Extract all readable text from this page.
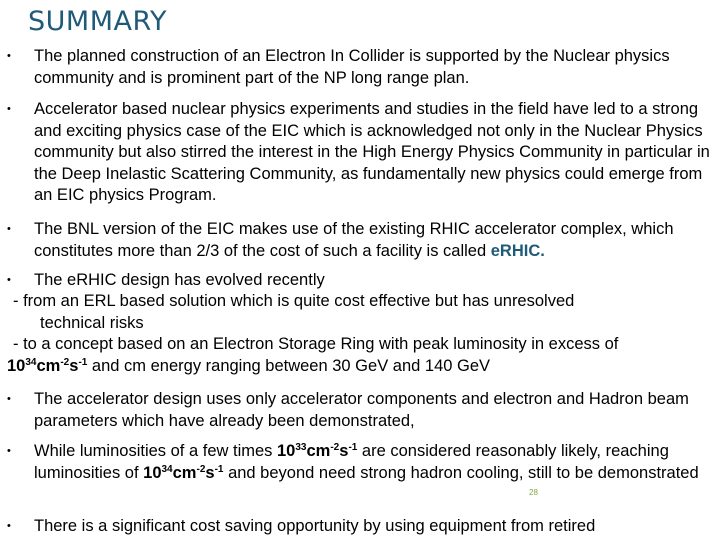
SUMMARY
• The planned construction of an Electron In Collider is supported by the Nuclear physics community and is prominent part of the NP long range plan.

• Accelerator based nuclear physics experiments and studies in the field have led to a strong and exciting physics case of the EIC which is acknowledged not only in the Nuclear Physics community but also stirred the interest in the High Energy Physics Community in particular in the Deep Inelastic Scattering Community, as fundamentally new physics could emerge from an EIC physics Program.

• The BNL version of the EIC makes use of the existing RHIC accelerator complex, which constitutes more than 2/3 of the cost of such a facility is called eRHIC.

• The eRHIC design has evolved recently
- from an ERL based solution which is quite cost effective but has unresolved
technical risks
- to a concept based on an Electron Storage Ring with peak luminosity in excess of
$10^{34}cm^{-2}s^{-1}$ and cm energy ranging between 30 GeV and 140 GeV
• The accelerator design uses only accelerator components and electron and Hadron beam parameters which have already been demonstrated,

• While luminosities of a few times $10^{33}cm^{-2}s^{-1}$ are considered reasonably likely, reaching luminosities of $10^{34}cm^{-2}s^{-1}$ and beyond need strong hadron cooling, still to be demonstrated

28
• There is a significant cost saving opportunity by using equipment from retired
